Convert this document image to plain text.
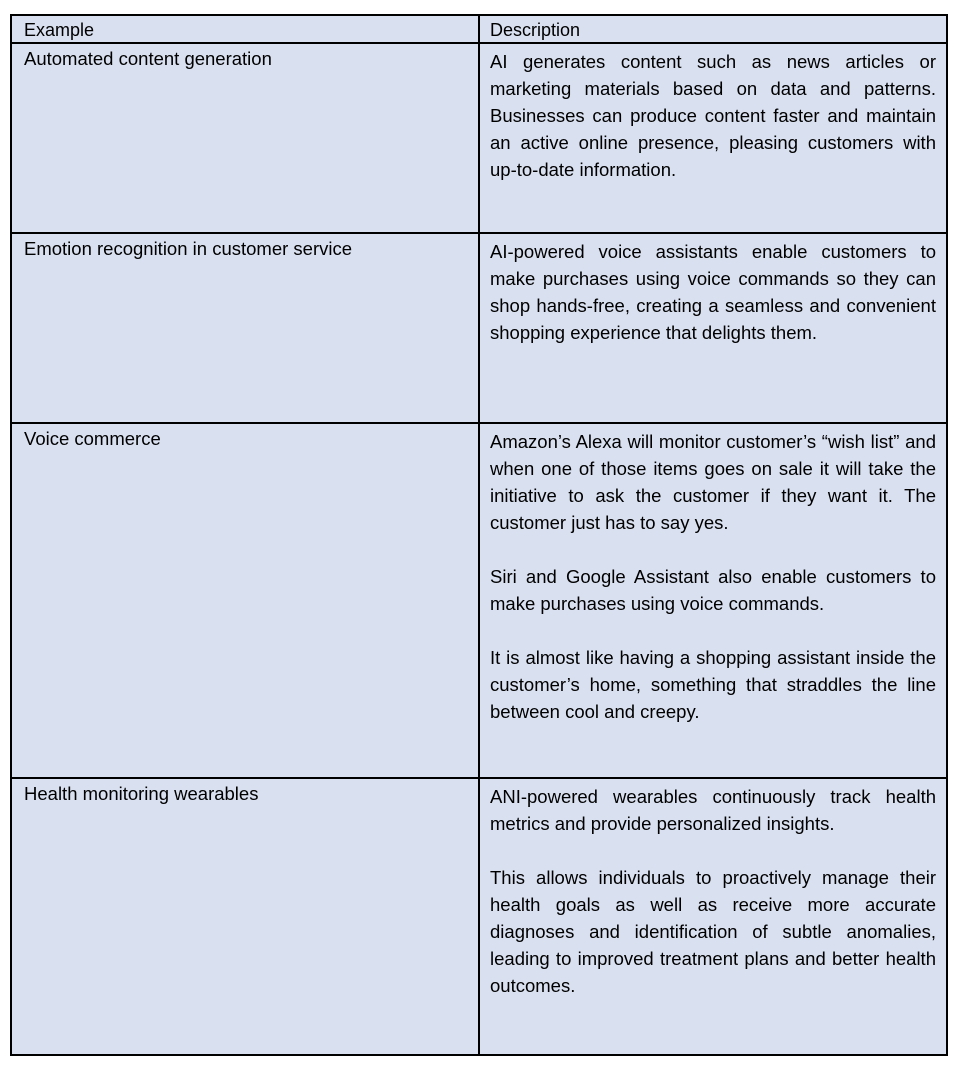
Example	Description
Automated content generation	AI generates content such as news articles or marketing materials based on data and patterns. Businesses can produce content faster and maintain an active online presence, pleasing customers with up-to-date information.

Emotion recognition in customer service	AI-powered voice assistants enable customers to make purchases using voice commands so they can shop hands-free, creating a seamless and convenient shopping experience that delights them.

Voice commerce	Amazon’s Alexa will monitor customer’s “wish list” and when one of those items goes on sale it will take the initiative to ask the customer if they want it. The customer just has to say yes.

Siri and Google Assistant also enable customers to make purchases using voice commands.

It is almost like having a shopping assistant inside the customer’s home, something that straddles the line between cool and creepy.

Health monitoring wearables	ANI-powered wearables continuously track health metrics and provide personalized insights.

This allows individuals to proactively manage their health goals as well as receive more accurate diagnoses and identification of subtle anomalies, leading to improved treatment plans and better health outcomes.
